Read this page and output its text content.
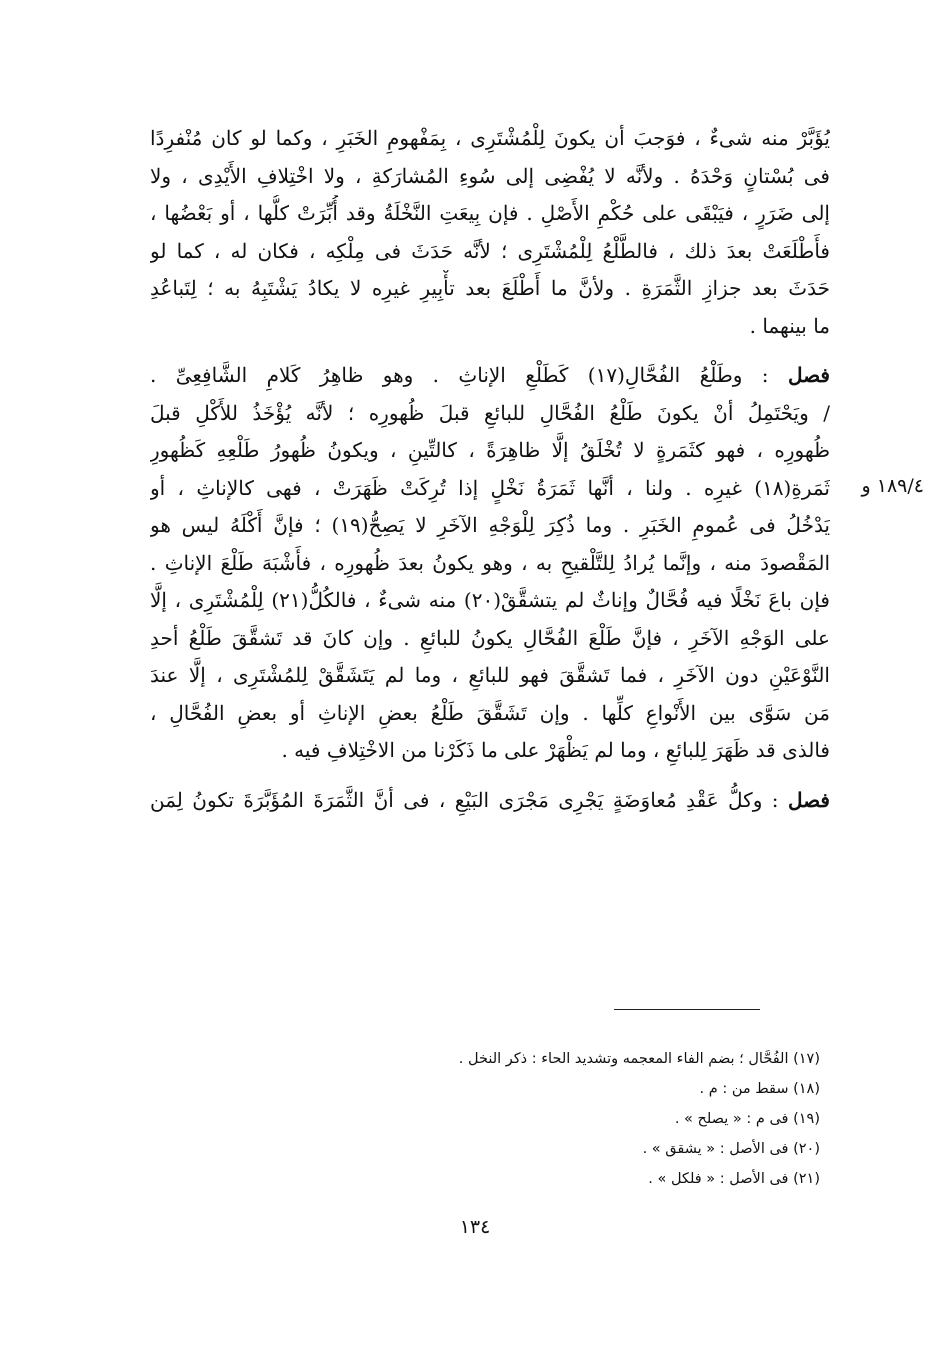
يُؤَبَّرْ منه شىءٌ ، فوَجبَ أن يكونَ لِلْمُشْتَرِى ، بِمَفْهومِ الخَبَرِ ، وكما لو كان مُنْفرِدًا
فى بُسْتانٍ وَحْدَهُ . ولأنَّه لا يُفْضِى إلى سُوءِ المُشارَكةِ ، ولا اخْتِلافِ الأَيْدِى ، ولا
إلى ضَرَرٍ ، فيَبْقَى على حُكْمِ الأَصْلِ . فإن بِيعَتِ النَّخْلَةُ وقد أُبِّرَتْ كلُّها ، أو بَعْضُها ،
فأَطْلَعَتْ بعدَ ذلك ، فالطَّلْعُ لِلْمُشْتَرِى ؛ لأنَّه حَدَثَ فى مِلْكِه ، فكان له ، كما لو
حَدَثَ بعد جزازِ الثَّمَرَةِ . ولأنَّ ما أَطْلَعَ بعد تأْبِيرِ غيرِه لا يكادُ يَشْتَبِهُ به ؛ لِتَباعُدِ
ما بينهما .
فصل : وطَلْعُ الفُحَّالِ(١٧) كَطَلْعِ الإناثِ . وهو ظاهِرُ كَلامِ الشَّافِعِىِّ .
/ ويَحْتَمِلُ أنْ يكونَ طَلْعُ الفُحَّالِ للبائعِ قبلَ ظُهورِه ؛ لأنَّه يُؤْخَذُ للأَكْلِ قبلَ
ظُهورِه ، فهو كثَمَرةٍ لا تُخْلَقُ إلَّا ظاهِرَةً ، كالتِّينِ ، ويكونُ ظُهورُ طَلْعِهِ كَظُهورِ
ثَمَرةِ(١٨) غيرِه . ولنا ، أنَّها ثَمَرَةُ نَخْلٍ إذا تُرِكَتْ ظَهَرَتْ ، فهى كالإناثِ ، أو
يَدْخُلُ فى عُمومِ الخَبَرِ . وما ذُكِرَ لِلْوَجْهِ الآخَرِ لا يَصِحُّ(١٩) ؛ فإنَّ أَكْلَهُ ليس هو
المَقْصودَ منه ، وإنَّما يُرادُ لِلتَّلْقيحِ به ، وهو يكونُ بعدَ ظُهورِه ، فأَشْبَهَ طَلْعَ الإناثِ .
فإن باعَ نَخْلًا فيه فُحَّالٌ وإناثٌ لم يتشقَّقْ(٢٠) منه شىءٌ ، فالكُلُّ(٢١) لِلْمُشْتَرِى ، إلَّا
على الوَجْهِ الآخَرِ ، فإنَّ طَلْعَ الفُحَّالِ يكونُ للبائعِ . وإن كانَ قد تَشقَّقَ طَلْعُ أحدِ
النَّوْعَيْنِ دون الآخَرِ ، فما تَشقَّقَ فهو للبائعِ ، وما لم يَتَشَقَّقْ لِلمُشْتَرِى ، إلَّا عندَ
مَن سَوَّى بين الأَنْواعِ كلِّها . وإن تَشَقَّقَ طَلْعُ بعضِ الإناثِ أو بعضِ الفُحَّالِ ،
فالذى قد ظَهَرَ لِلبائعِ ، وما لم يَظْهَرْ على ما ذَكَرْنا من الاخْتِلافِ فيه .
فصل : وكلُّ عَقْدِ مُعاوَضَةٍ يَجْرِى مَجْرَى البَيْعِ ، فى أنَّ الثَّمَرَةَ المُؤَبَّرَةَ تكونُ لِمَن
١٨٩/٤ و
(١٧) الفُحَّال ؛ بضم الفاء المعجمه وتشديد الحاء : ذكر النخل .
(١٨) سقط من : م .
(١٩) فى م : « يصلح » .
(٢٠) فى الأصل : « يشقق » .
(٢١) فى الأصل : « فلكل » .
١٣٤
